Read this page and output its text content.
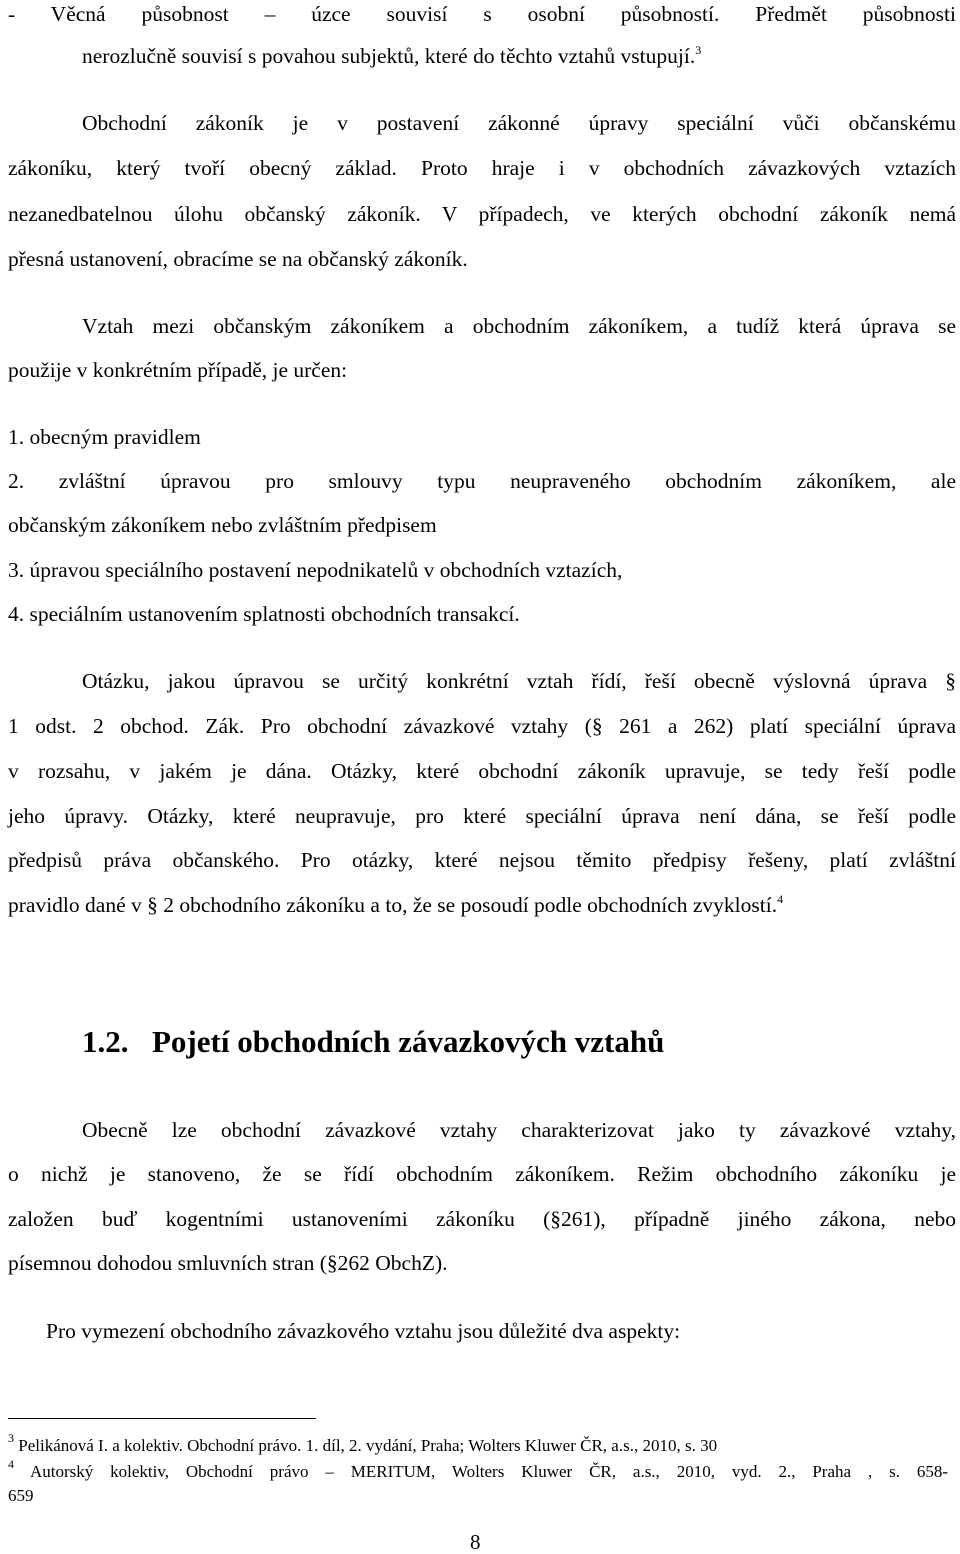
- Věcná působnost – úzce souvisí s osobní působností. Předmět působnosti
nerozlučně souvisí s povahou subjektů, které do těchto vztahů vstupují.$^3$
Obchodní zákoník je v postavení zákonné úpravy speciální vůči občanskému
zákoníku, který tvoří obecný základ. Proto hraje i v obchodních závazkových vztazích
nezanedbatelnou úlohu občanský zákoník. V případech, ve kterých obchodní zákoník nemá
přesná ustanovení, obracíme se na občanský zákoník.
Vztah mezi občanským zákoníkem a obchodním zákoníkem, a tudíž která úprava se
použije v konkrétním případě, je určen:
1. obecným pravidlem
2. zvláštní úpravou pro smlouvy typu neupraveného obchodním zákoníkem, ale
občanským zákoníkem nebo zvláštním předpisem
3. úpravou speciálního postavení nepodnikatelů v obchodních vztazích,
4. speciálním ustanovením splatnosti obchodních transakcí.
Otázku, jakou úpravou se určitý konkrétní vztah řídí, řeší obecně výslovná úprava §
1 odst. 2 obchod. Zák. Pro obchodní závazkové vztahy (§ 261 a 262) platí speciální úprava
v rozsahu, v jakém je dána. Otázky, které obchodní zákoník upravuje, se tedy řeší podle
jeho úpravy. Otázky, které neupravuje, pro které speciální úprava není dána, se řeší podle
předpisů práva občanského. Pro otázky, které nejsou těmito předpisy řešeny, platí zvláštní
pravidlo dané v § 2 obchodního zákoníku a to, že se posoudí podle obchodních zvyklostí.$^4$
1.2. Pojetí obchodních závazkových vztahů
Obecně lze obchodní závazkové vztahy charakterizovat jako ty závazkové vztahy,
o nichž je stanoveno, že se řídí obchodním zákoníkem. Režim obchodního zákoníku je
založen buď kogentními ustanoveními zákoníku (§261), případně jiného zákona, nebo
písemnou dohodou smluvních stran (§262 ObchZ).
Pro vymezení obchodního závazkového vztahu jsou důležité dva aspekty:
$^3$ Pelikánová I. a kolektiv. Obchodní právo. 1. díl, 2. vydání, Praha; Wolters Kluwer ČR, a.s., 2010, s. 30
$^4$ Autorský kolektiv, Obchodní právo – MERITUM, Wolters Kluwer ČR, a.s., 2010, vyd. 2., Praha , s. 658-
659
8
